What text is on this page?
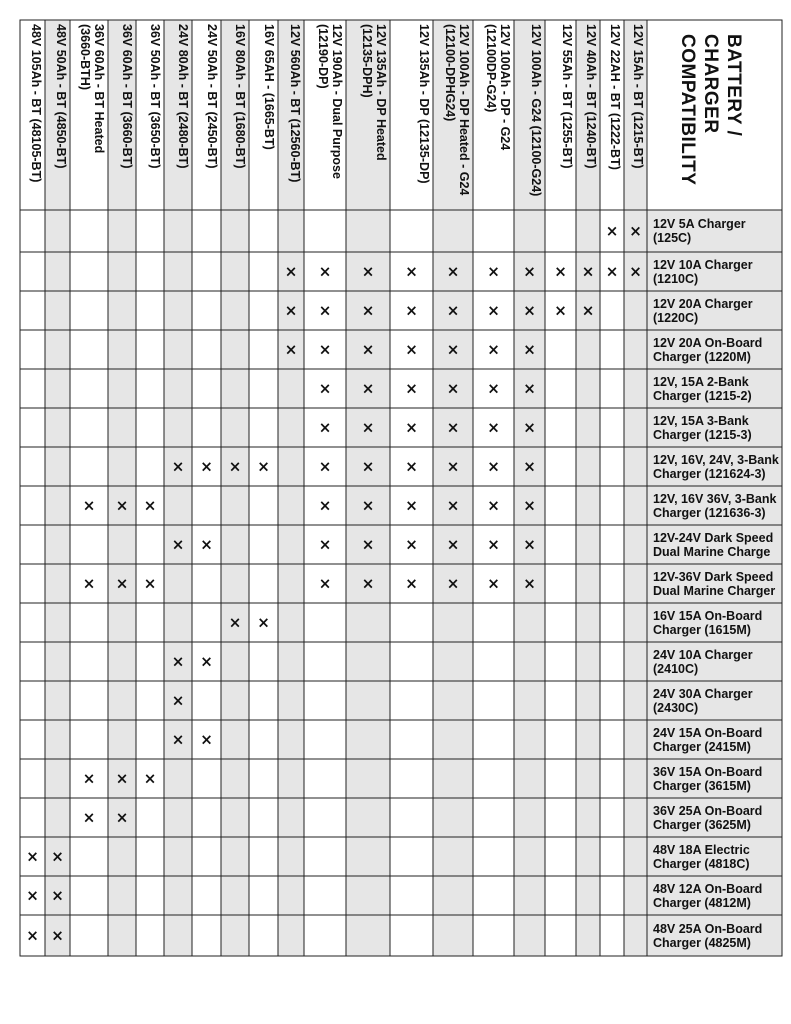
×
×
×
×
×
×
×
×
×
×
×
×
×
×
×
×
×
×
×
×
×
×
×
×
×
×
×
×
×
×
×
×
×
×
×
×
×
×
×
×
×
×
×
×
×
×
×
×
×
×
×
×
×
×
×
×
×
×
×
×
×
×
×
×
×
×
×
×
×
×
×
×
×
×
×
×
×
×
×
×
×
×
×
×
×
×
×
×
×
×
×
×
×
×
×
BATTERY /
CHARGER
COMPATIBILITY
12V 15Ah - BT (1215-BT)
12V 22AH - BT (1222-BT)
12V 40Ah - BT (1240-BT)
12V 55Ah - BT (1255-BT)
12V 100Ah - G24 (12100-G24)
12V 100Ah - DP - G24
(12100DP-G24)
12V 100Ah - DP Heated - G24
(12100-DPHG24)
12V 135Ah - DP (12135-DP)
12V 135Ah - DP Heated
(12135-DPH)
12V 190Ah - Dual Purpose
(12190-DP)
12V 560Ah - BT (12560-BT)
16V 65AH - (1665-BT)
16V 80Ah - BT (1680-BT)
24V 50Ah - BT (2450-BT)
24V 80Ah - BT (2480-BT)
36V 50Ah - BT (3650-BT)
36V 60Ah - BT (3660-BT)
36V 60Ah - BT Heated
(3660-BTH)
48V 50Ah - BT (4850-BT)
48V 105Ah - BT (48105-BT)
12V 5A Charger
(125C)
12V 10A Charger
(1210C)
12V 20A Charger
(1220C)
12V 20A On-Board
Charger (1220M)
12V, 15A 2-Bank
Charger (1215-2)
12V, 15A 3-Bank
Charger (1215-3)
12V, 16V, 24V, 3-Bank
Charger (121624-3)
12V, 16V 36V, 3-Bank
Charger (121636-3)
12V-24V Dark Speed
Dual Marine Charge
12V-36V Dark Speed
Dual Marine Charger
16V 15A On-Board
Charger (1615M)
24V 10A Charger
(2410C)
24V 30A Charger
(2430C)
24V 15A On-Board
Charger (2415M)
36V 15A On-Board
Charger (3615M)
36V 25A On-Board
Charger (3625M)
48V 18A Electric
Charger (4818C)
48V 12A On-Board
Charger (4812M)
48V 25A On-Board
Charger (4825M)
